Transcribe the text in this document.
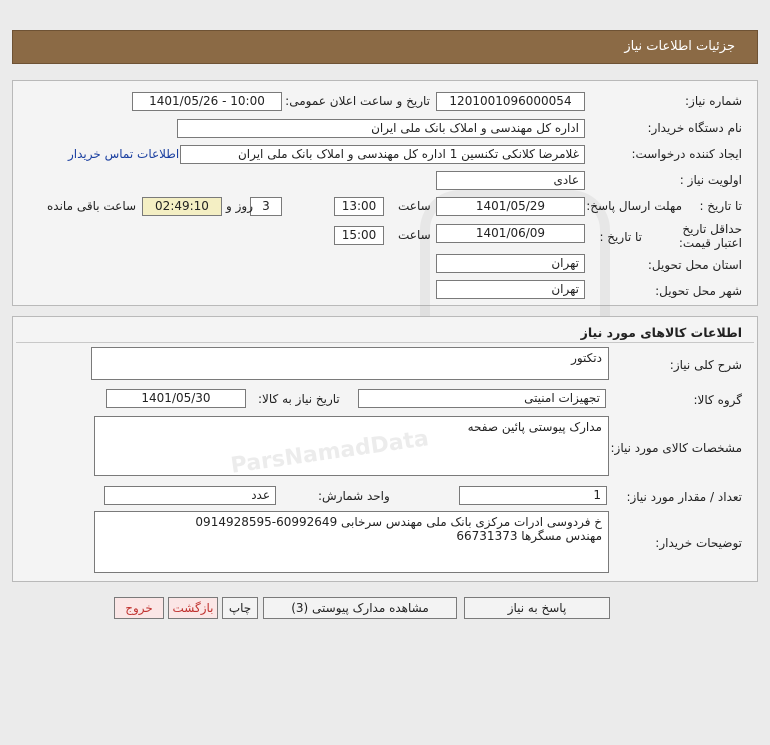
جزئیات اطلاعات نیاز
شماره نیاز:
1201001096000054
تاریخ و ساعت اعلان عمومی:
1401/05/26 - 10:00
نام دستگاه خریدار:
اداره کل مهندسی و املاک بانک ملی ایران
ایجاد کننده درخواست:
غلامرضا کلانکی تکنسین 1 اداره کل مهندسی و املاک بانک ملی ایران
اطلاعات تماس خریدار
اولویت نیاز :
عادی
مهلت ارسال پاسخ: تا تاریخ :
1401/05/29
ساعت
13:00
3
روز و
02:49:10
ساعت باقی مانده
حداقل تاریخ اعتبار قیمت:
تا تاریخ :
1401/06/09
ساعت
15:00
استان محل تحویل:
تهران
شهر محل تحویل:
تهران
اطلاعات کالاهای مورد نیاز
شرح کلی نیاز:
دتکتور
گروه کالا:
تجهیزات امنیتی
تاریخ نیاز به کالا:
1401/05/30
مشخصات کالای مورد نیاز:
مدارک پیوستی پائین صفحه
تعداد / مقدار مورد نیاز:
1
واحد شمارش:
عدد
توضیحات خریدار:
خ فردوسی ادرات مرکزی بانک ملی مهندس سرخابی 60992649-0914928595
مهندس مسگرها 66731373
پاسخ به نیاز
مشاهده مدارک پیوستی (3)
چاپ
بازگشت
خروج
